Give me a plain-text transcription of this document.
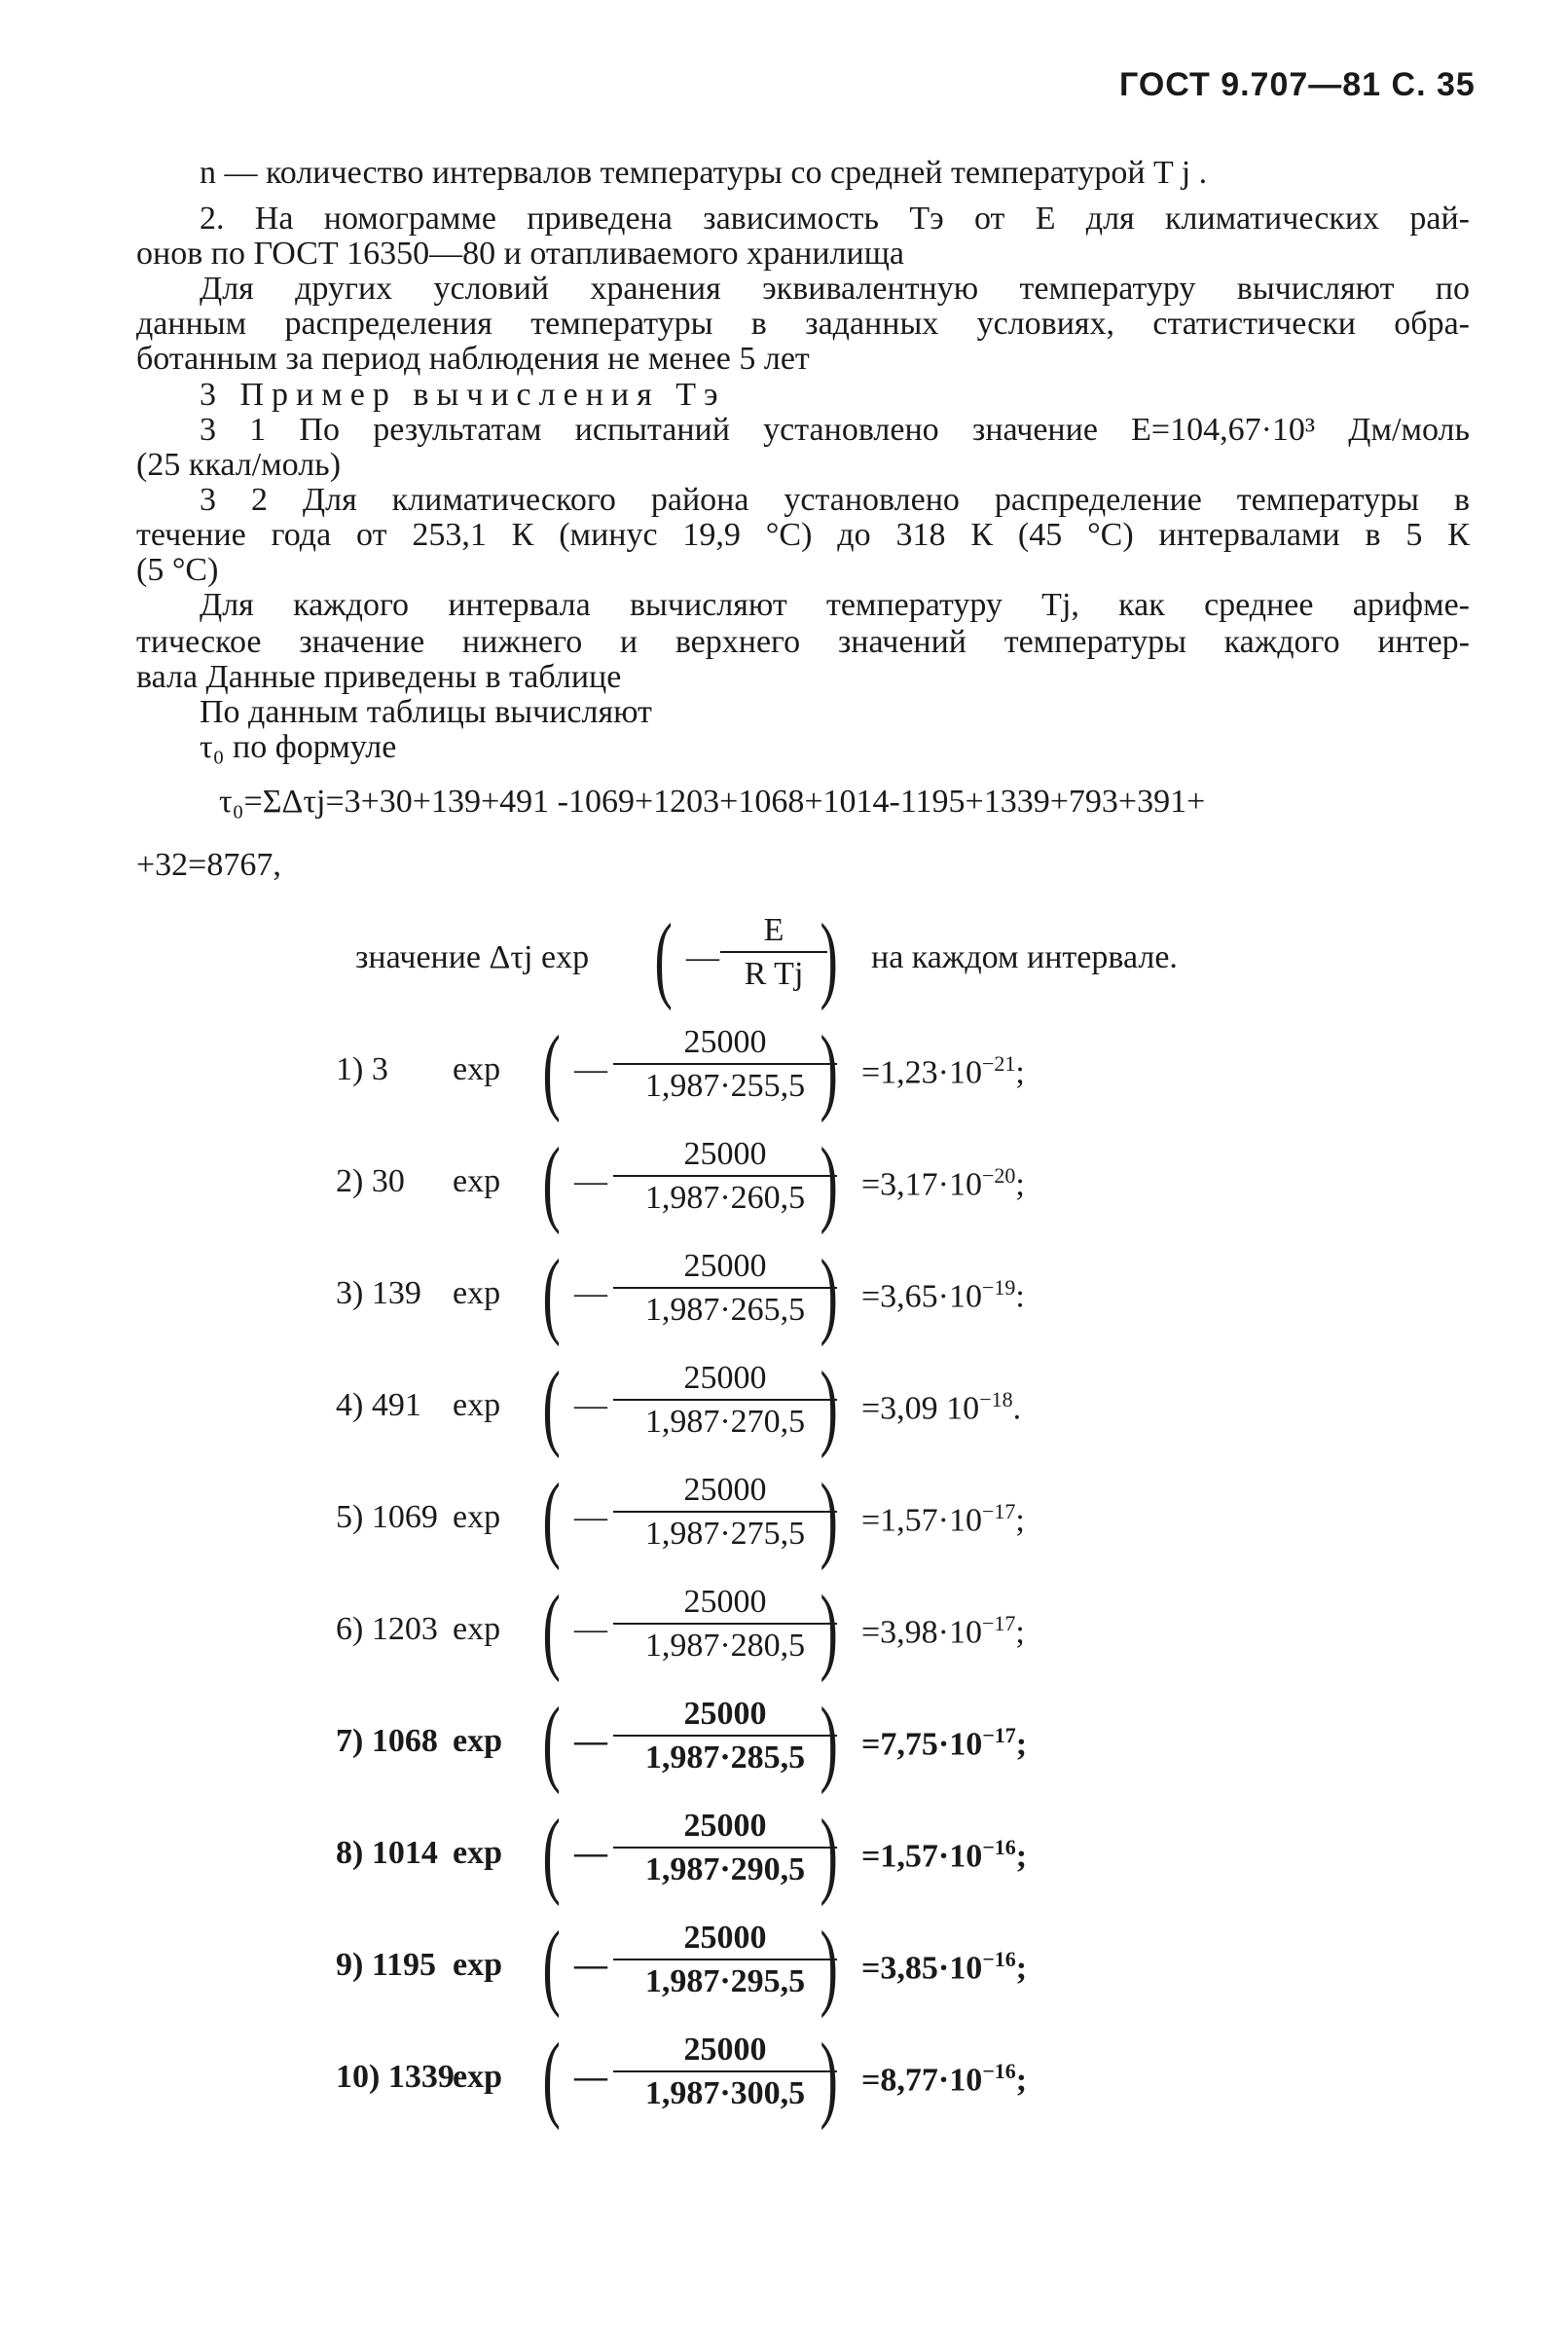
ГОСТ 9.707—81 С. 35
n — количество интервалов температуры со средней температурой T j .
2. На номограмме приведена зависимость Tэ от E для климатических рай-
онов по ГОСТ 16350—80 и отапливаемого хранилища
Для других условий хранения эквивалентную температуру вычисляют по
данным распределения температуры в заданных условиях, статистически обра-
ботанным за период наблюдения не менее 5 лет
3 Пример вычисления Tэ
3 1 По результатам испытаний установлено значение E=104,67·10³ Дм/моль
(25 ккал/моль)
3 2 Для климатического района установлено распределение температуры в
течение года от 253,1 К (минус 19,9 °С) до 318 К (45 °С) интервалами в 5 К
(5 °С)
Для каждого интервала вычисляют температуру Tj, как среднее арифме-
тическое значение нижнего и верхнего значений температуры каждого интер-
вала Данные приведены в таблице
По данным таблицы вычисляют
τ₀ по формуле
τ₀=ΣΔτj=3+30+139+491 -1069+1203+1068+1014-1195+1339+793+391+
+32=8767,
значение Δτj exp ( — $\frac{E}{\text{R Tj}}$
) на каждом интервале.
1) 3	exp ( — $\frac{25000}{1,987\cdot 255,5}$
) $=1,23\cdot 10^{-21}$;
2) 30	exp ( — $\frac{25000}{1,987\cdot 260,5}$
) $=3,17\cdot 10^{-20}$;
3) 139 exp ( — $\frac{25000}{1,987\cdot 265,5}$
) $=3,65\cdot 10^{-19}$:
4) 491 exp ( — $\frac{25000}{1,987\cdot 270,5}$
) =3,09 $10^{-18}$.
5) 1069 exp ( — $\frac{25000}{1,987\cdot 275,5}$
) $=1,57\cdot 10^{-17}$;
6) 1203 exp ( — $\frac{25000}{1,987\cdot 280,5}$
) $=3,98\cdot 10^{-17}$;
7) 1068 exp ( — $\frac{25000}{1,987\cdot 285,5}$
) $=7,75\cdot 10^{-17}$;
8) 1014 exp ( — $\frac{25000}{1,987\cdot 290,5}$
) $=1,57\cdot 10^{-16}$;
9) 1195 exp ( — $\frac{25000}{1,987\cdot 295,5}$
) $=3,85\cdot 10^{-16}$;
10) 1339
exp ( — $\frac{25000}{1,987\cdot 300,5}$
) $=8,77\cdot 10^{-16}$;
